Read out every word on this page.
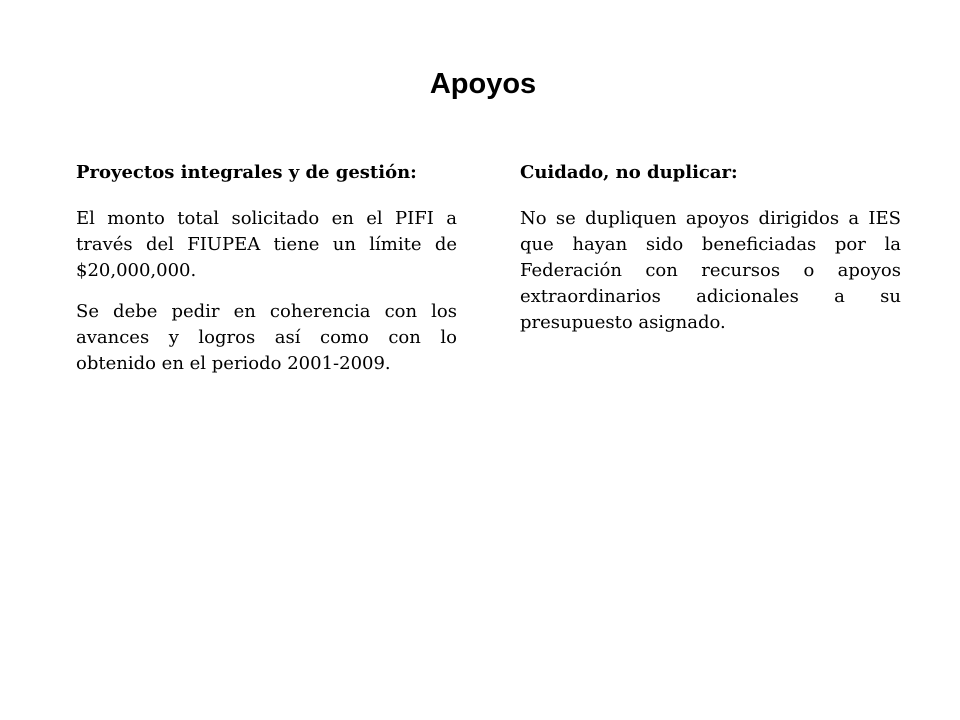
Apoyos

Proyectos integrales y de gestión:

El monto total solicitado en el PIFI a través del FIUPEA tiene un límite de $20,000,000.

Se debe pedir en coherencia con los avances y logros así como con lo obtenido en el periodo 2001-2009.

Cuidado, no duplicar:

No se dupliquen apoyos dirigidos a IES que hayan sido beneficiadas por la Federación con recursos o apoyos extraordinarios adicionales a su presupuesto asignado.
